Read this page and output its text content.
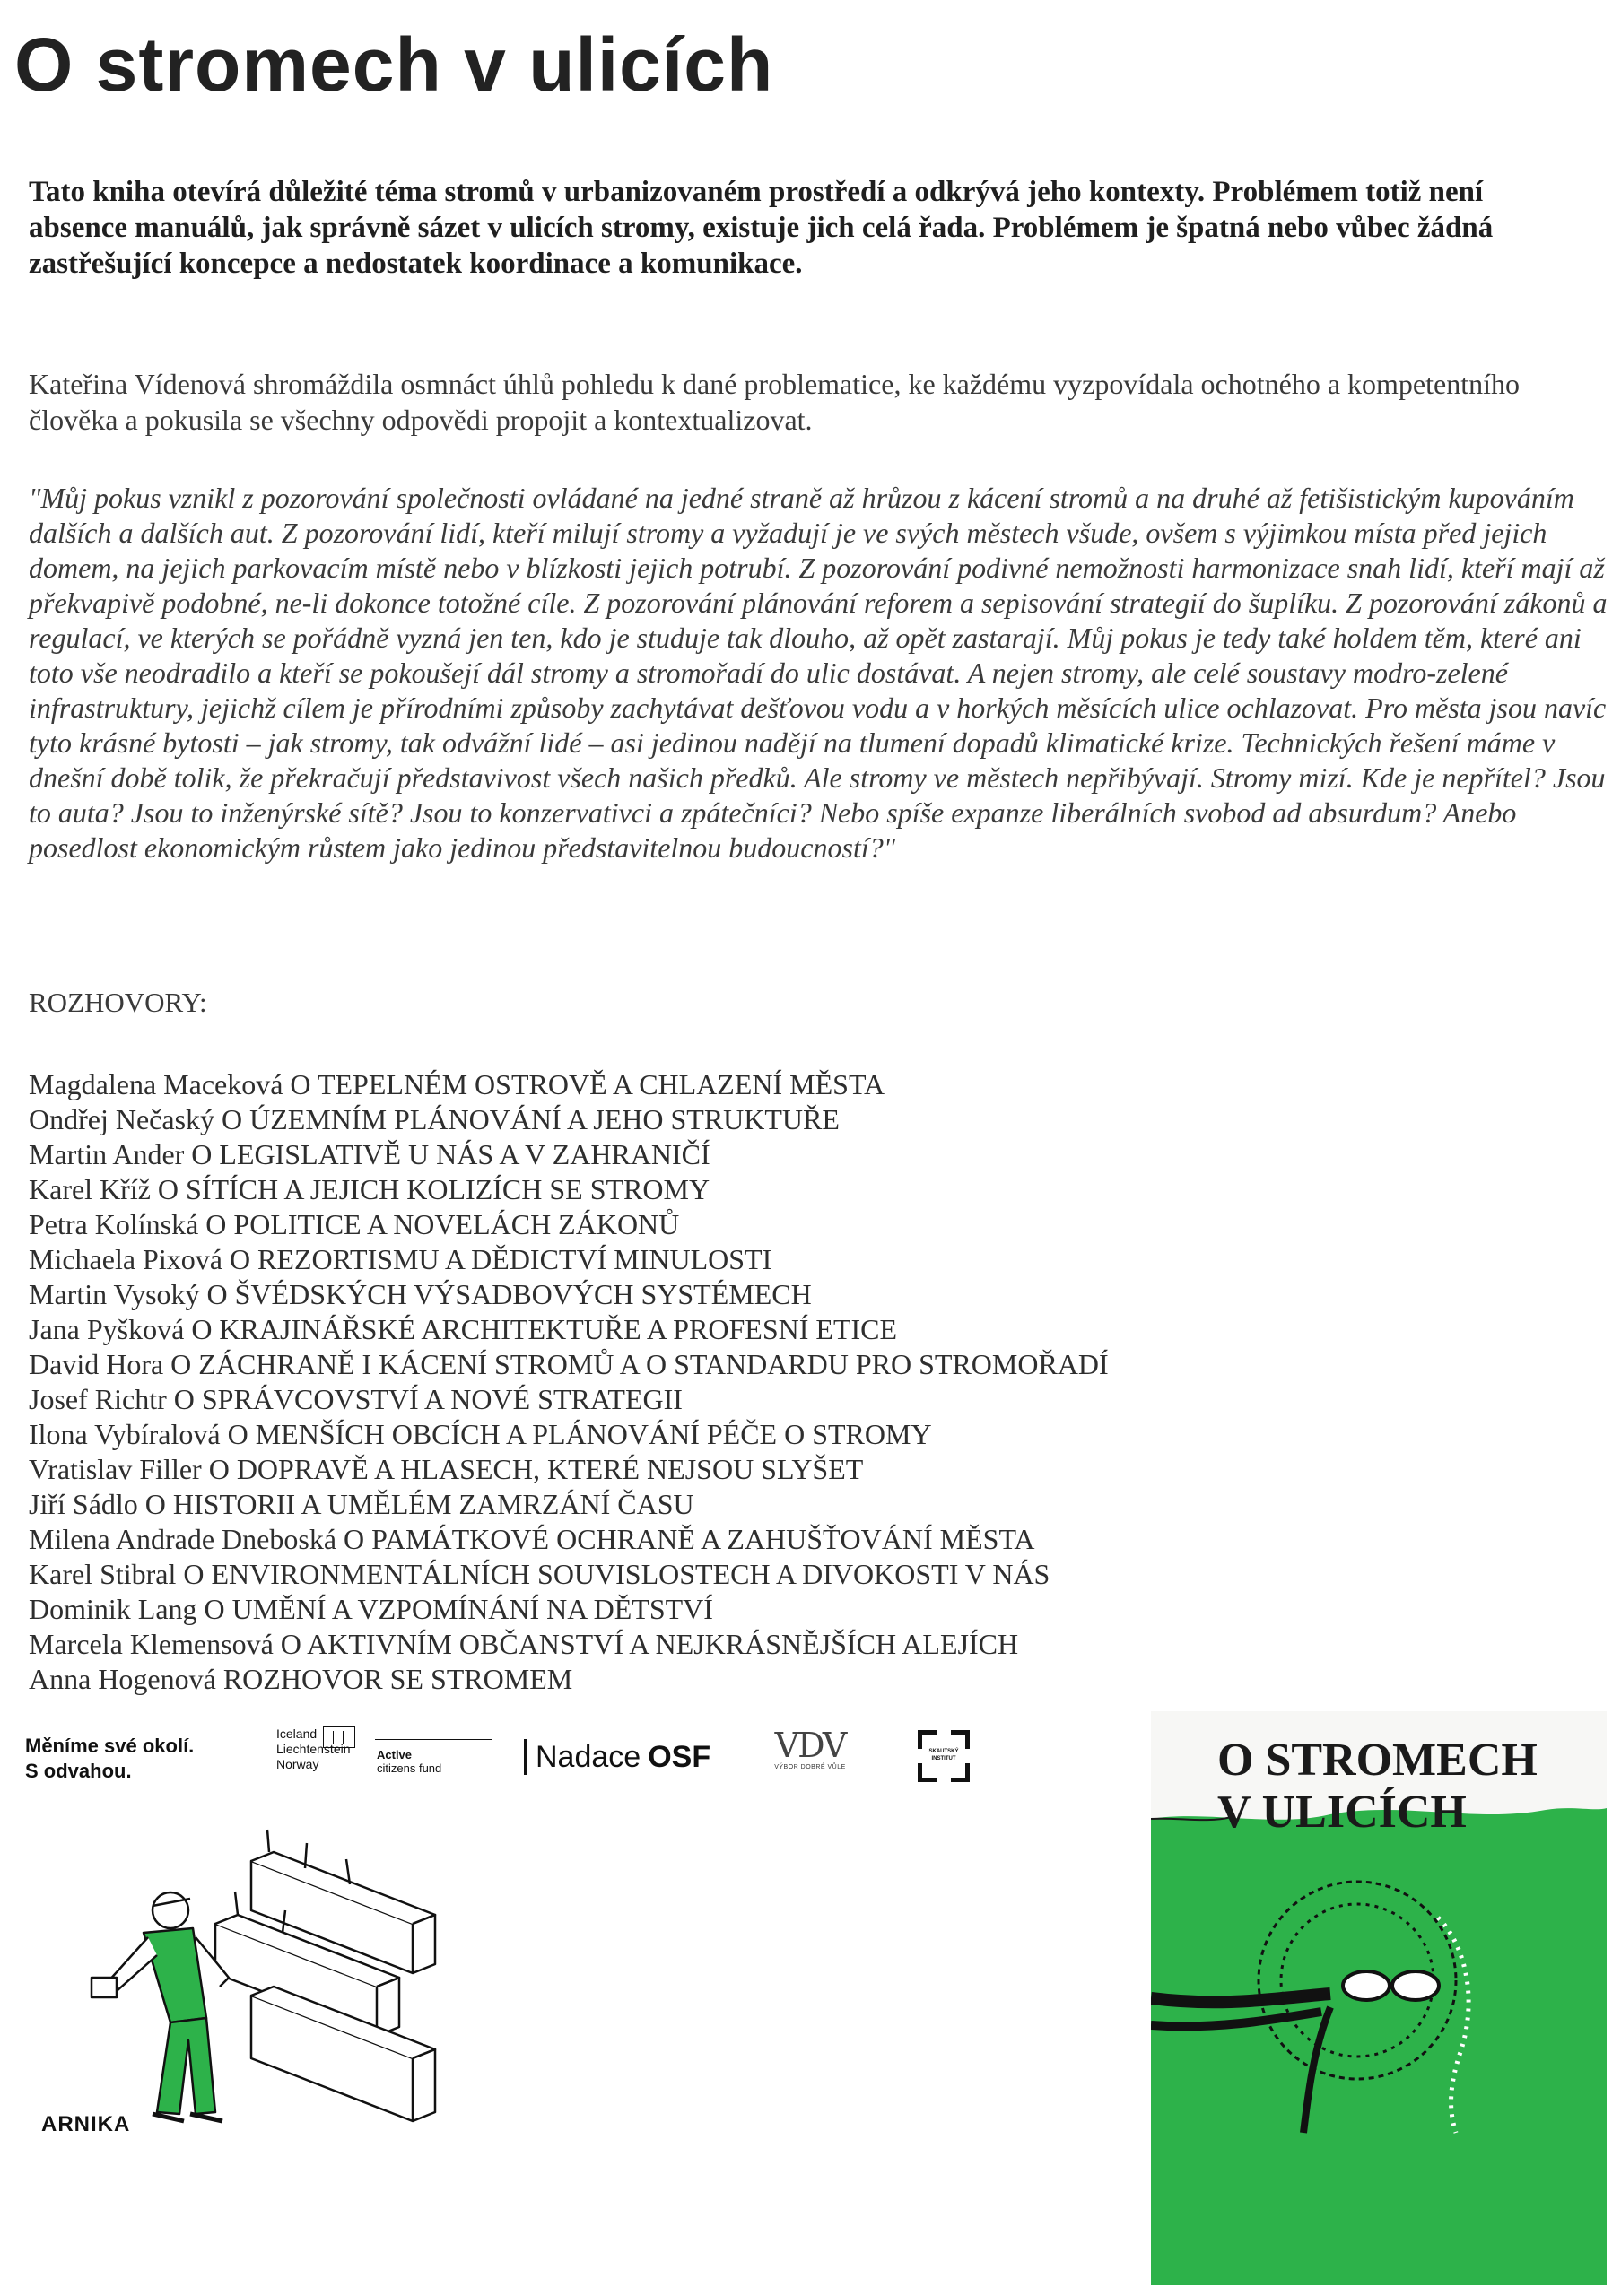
O stromech v ulicích

Tato kniha otevírá důležité téma stromů v urbanizovaném prostředí a odkrývá jeho kontexty. Problémem totiž není absence manuálů, jak správně sázet v ulicích stromy, existuje jich celá řada. Problémem je špatná nebo vůbec žádná zastřešující koncepce a nedostatek koordinace a komunikace.

Kateřina Vídenová shromáždila osmnáct úhlů pohledu k dané problematice, ke každému vyzpovídala ochotného a kompetentního člověka a pokusila se všechny odpovědi propojit a kontextualizovat.

"Můj pokus vznikl z pozorování společnosti ovládané na jedné straně až hrůzou z kácení stromů a na druhé až fetišistickým kupováním dalších a dalších aut. Z pozorování lidí, kteří milují stromy a vyžadují je ve svých městech všude, ovšem s výjimkou místa před jejich domem, na jejich parkovacím místě nebo v blízkosti jejich potrubí. Z pozorování podivné nemožnosti harmonizace snah lidí, kteří mají až překvapivě podobné, ne-li dokonce totožné cíle. Z pozorování plánování reforem a sepisování strategií do šuplíku. Z pozorování zákonů a regulací, ve kterých se pořádně vyzná jen ten, kdo je studuje tak dlouho, až opět zastarají. Můj pokus je tedy také holdem těm, které ani toto vše neodradilo a kteří se pokoušejí dál stromy a stromořadí do ulic dostávat. A nejen stromy, ale celé soustavy modro-zelené infrastruktury, jejichž cílem je přírodními způsoby zachytávat dešťovou vodu a v horkých měsících ulice ochlazovat. Pro města jsou navíc tyto krásné bytosti – jak stromy, tak odvážní lidé – asi jedinou nadějí na tlumení dopadů klimatické krize. Technických řešení máme v dnešní době tolik, že překračují představivost všech našich předků. Ale stromy ve městech nepřibývají. Stromy mizí. Kde je nepřítel? Jsou to auta? Jsou to inženýrské sítě? Jsou to konzervativci a zpátečníci? Nebo spíše expanze liberálních svobod ad absurdum? Anebo posedlost ekonomickým růstem jako jedinou představitelnou budoucností?"

ROZHOVORY:

Magdalena Maceková O TEPELNÉM OSTROVĚ A CHLAZENÍ MĚSTA
Ondřej Nečaský O ÚZEMNÍM PLÁNOVÁNÍ A JEHO STRUKTUŘE
Martin Ander O LEGISLATIVĚ U NÁS A V ZAHRANIČÍ
Karel Kříž O SÍTÍCH A JEJICH KOLIZÍCH SE STROMY
Petra Kolínská O POLITICE A NOVELÁCH ZÁKONŮ
Michaela Pixová O REZORTISMU A DĚDICTVÍ MINULOSTI
Martin Vysoký O ŠVÉDSKÝCH VÝSADBOVÝCH SYSTÉMECH
Jana Pyšková O KRAJINÁŘSKÉ ARCHITEKTUŘE A PROFESNÍ ETICE
David Hora O ZÁCHRANĚ I KÁCENÍ STROMŮ A O STANDARDU PRO STROMOŘADÍ
Josef Richtr O SPRÁVCOVSTVÍ A NOVÉ STRATEGII
Ilona Vybíralová O MENŠÍCH OBCÍCH A PLÁNOVÁNÍ PÉČE O STROMY
Vratislav Filler O DOPRAVĚ A HLASECH, KTERÉ NEJSOU SLYŠET
Jiří Sádlo O HISTORII A UMĚLÉM ZAMRZÁNÍ ČASU
Milena Andrade Dneboská O PAMÁTKOVÉ OCHRANĚ A ZAHUŠŤOVÁNÍ MĚSTA
Karel Stibral O ENVIRONMENTÁLNÍCH SOUVISLOSTECH A DIVOKOSTI V NÁS
Dominik Lang O UMĚNÍ A VZPOMÍNÁNÍ NA DĚTSTVÍ
Marcela Klemensová O AKTIVNÍM OBČANSTVÍ A NEJKRÁSNĚJŠÍCH ALEJÍCH
Anna Hogenová ROZHOVOR SE STROMEM
Měníme své okolí.
S odvahou.
Iceland
Liechtenstein
Norway
Active
citizens fund	Nadace OSF	VDV
VÝBOR DOBRÉ VŮLE
SKAUTSKÝ
INSTITUT
ARNIKA
O STROMECH
V ULICÍCH
